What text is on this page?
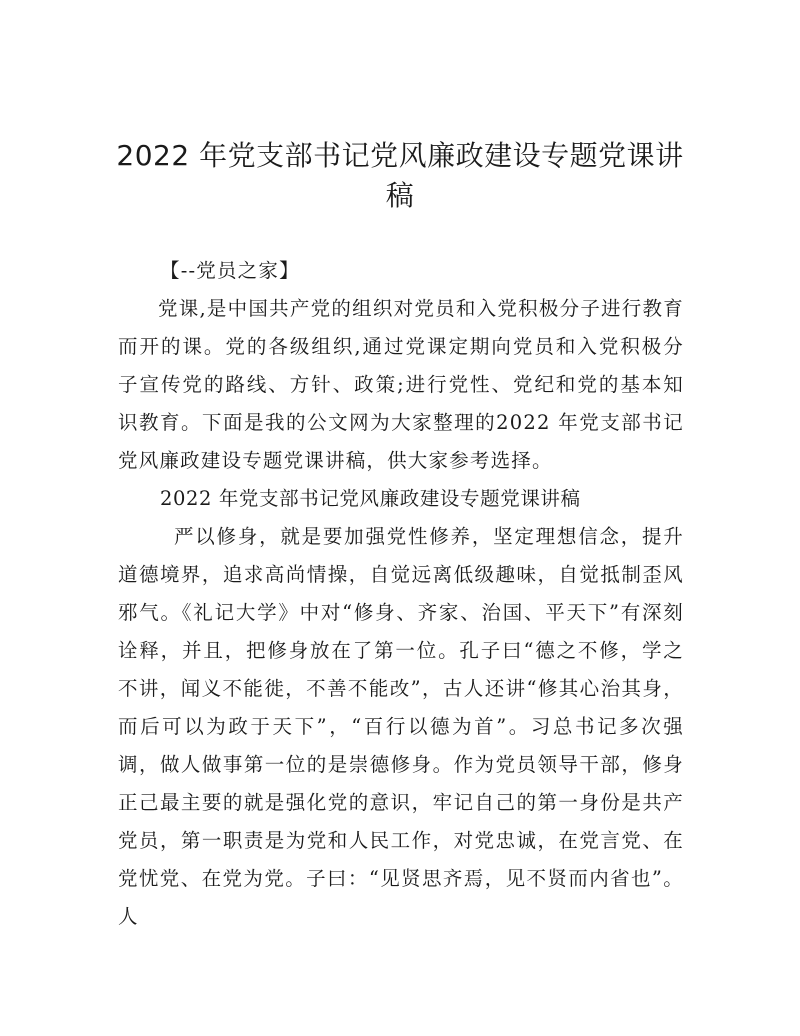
2022 年党支部书记党风廉政建设专题党课讲
稿

【--党员之家】

党课,是中国共产党的组织对党员和入党积极分子进行教育而开的课。党的各级组织,通过党课定期向党员和入党积极分子宣传党的路线、方针、政策;进行党性、党纪和党的基本知识教育。下面是我的公文网为大家整理的2022 年党支部书记党风廉政建设专题党课讲稿，供大家参考选择。

2022 年党支部书记党风廉政建设专题党课讲稿

严以修身，就是要加强党性修养，坚定理想信念，提升道德境界，追求高尚情操，自觉远离低级趣味，自觉抵制歪风邪气。《礼记大学》中对“修身、齐家、治国、平天下”有深刻诠释，并且，把修身放在了第一位。孔子曰“德之不修，学之不讲，闻义不能徙，不善不能改”，古人还讲“修其心治其身，而后可以为政于天下”，“百行以德为首”。习总书记多次强调，做人做事第一位的是崇德修身。作为党员领导干部，修身正己最主要的就是强化党的意识，牢记自己的第一身份是共产党员，第一职责是为党和人民工作，对党忠诚，在党言党、在党忧党、在党为党。子曰：“见贤思齐焉，见不贤而内省也”。人
